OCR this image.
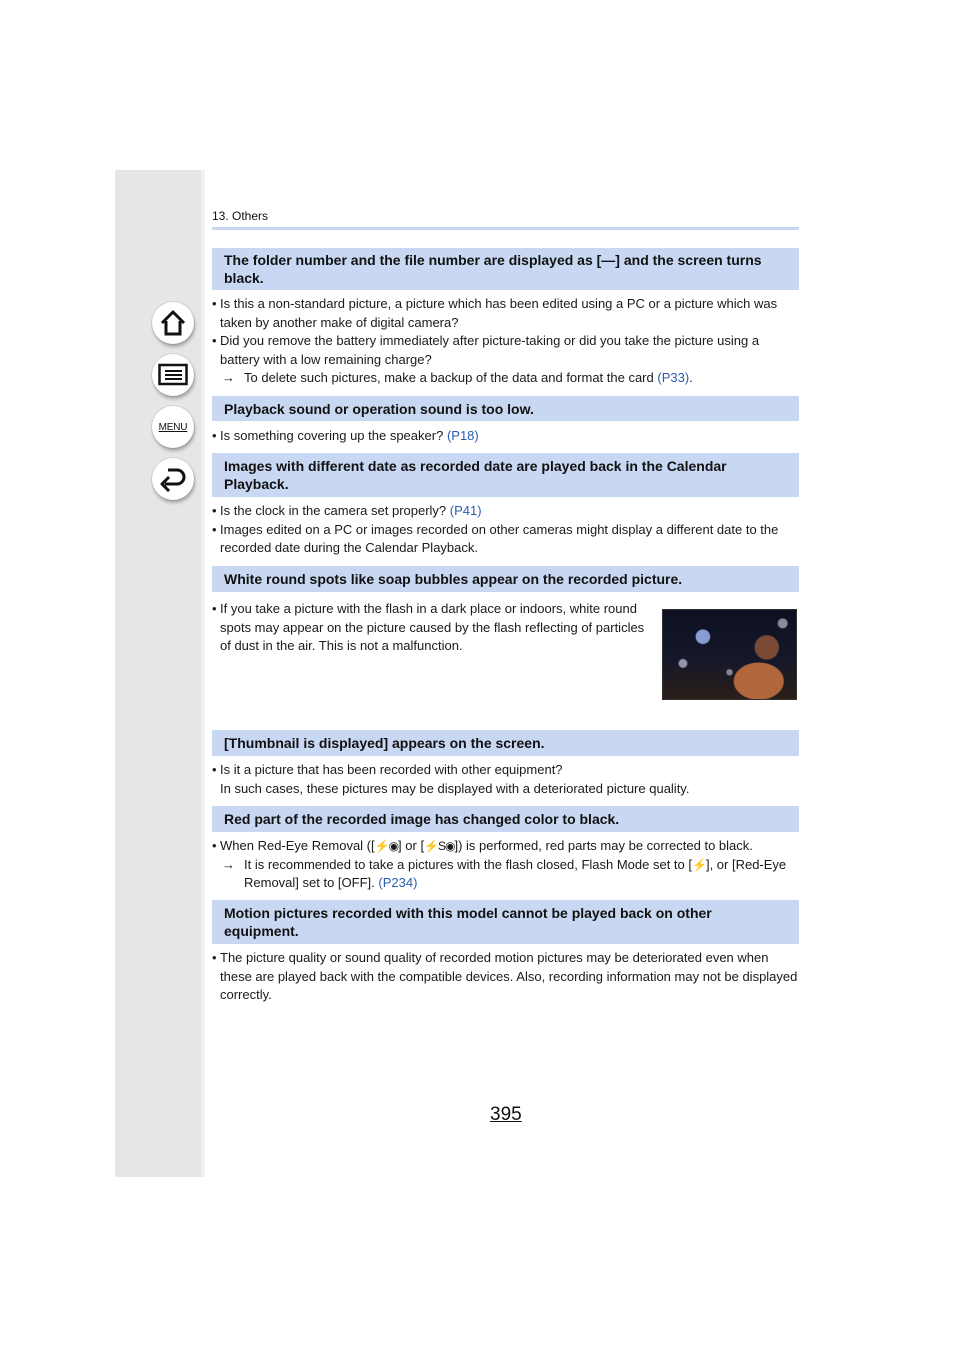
MENU
13. Others
The folder number and the file number are displayed as [—] and the screen turns black.
• Is this a non-standard picture, a picture which has been edited using a PC or a picture which was taken by another make of digital camera?
• Did you remove the battery immediately after picture-taking or did you take the picture using a battery with a low remaining charge?
→ To delete such pictures, make a backup of the data and format the card (P33).
Playback sound or operation sound is too low.
• Is something covering up the speaker? (P18)
Images with different date as recorded date are played back in the Calendar Playback.
• Is the clock in the camera set properly? (P41)
• Images edited on a PC or images recorded on other cameras might display a different date to the recorded date during the Calendar Playback.
White round spots like soap bubbles appear on the recorded picture.
• If you take a picture with the flash in a dark place or indoors, white round spots may appear on the picture caused by the flash reflecting of particles of dust in the air. This is not a malfunction.
[Thumbnail is displayed] appears on the screen.
• Is it a picture that has been recorded with other equipment?
In such cases, these pictures may be displayed with a deteriorated picture quality.
Red part of the recorded image has changed color to black.
• When Red-Eye Removal ([⚡◉] or [⚡S◉]) is performed, red parts may be corrected to black.
→ It is recommended to take a pictures with the flash closed, Flash Mode set to [⚡], or [Red-Eye Removal] set to [OFF]. (P234)
Motion pictures recorded with this model cannot be played back on other equipment.
• The picture quality or sound quality of recorded motion pictures may be deteriorated even when these are played back with the compatible devices. Also, recording information may not be displayed correctly.
395
